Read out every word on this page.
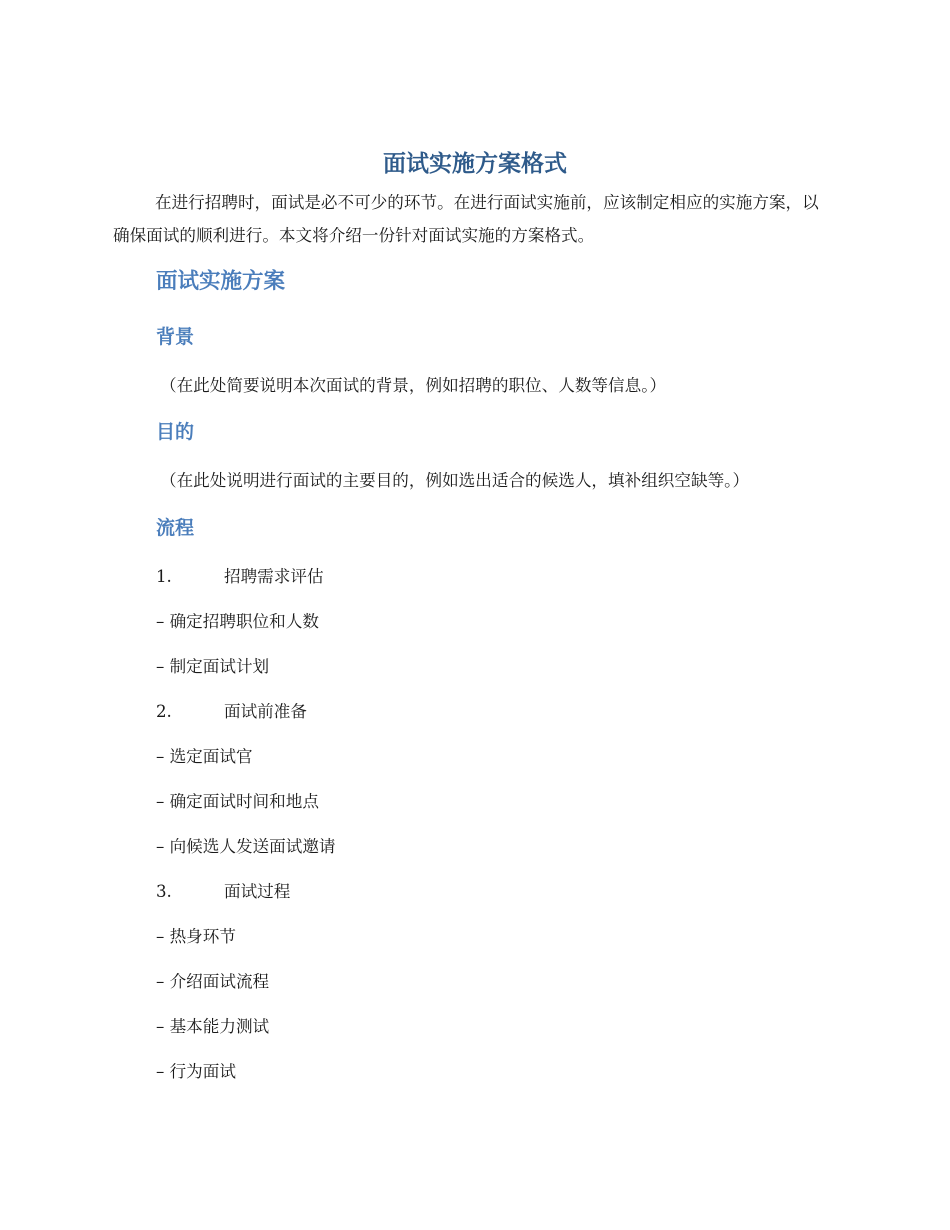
面试实施方案格式

在进行招聘时，面试是必不可少的环节。在进行面试实施前，应该制定相应的实施方案，以确保面试的顺利进行。本文将介绍一份针对面试实施的方案格式。

面试实施方案
背景
（在此处简要说明本次面试的背景，例如招聘的职位、人数等信息。）
目的
（在此处说明进行面试的主要目的，例如选出适合的候选人，填补组织空缺等。）
流程
1.	招聘需求评估
– 确定招聘职位和人数
– 制定面试计划
2.	面试前准备
– 选定面试官
– 确定面试时间和地点
– 向候选人发送面试邀请
3.	面试过程
– 热身环节
– 介绍面试流程
– 基本能力测试
– 行为面试
